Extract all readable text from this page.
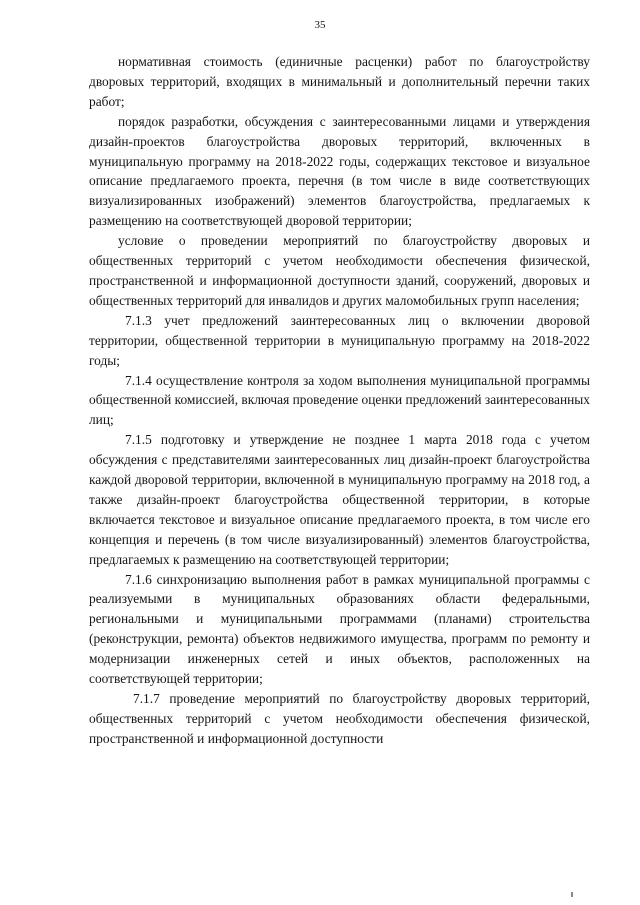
35

нормативная стоимость (единичные расценки) работ по благоустройству дворовых территорий, входящих в минимальный и дополнительный перечни таких работ;

порядок разработки, обсуждения с заинтересованными лицами и утверждения дизайн-проектов благоустройства дворовых территорий, включенных в муниципальную программу на 2018-2022 годы, содержащих текстовое и визуальное описание предлагаемого проекта, перечня (в том числе в виде соответствующих визуализированных изображений) элементов благоустройства, предлагаемых к размещению на соответствующей дворовой территории;

условие о проведении мероприятий по благоустройству дворовых и общественных территорий с учетом необходимости обеспечения физической, пространственной и информационной доступности зданий, сооружений, дворовых и общественных территорий для инвалидов и других маломобильных групп населения;

7.1.3 учет предложений заинтересованных лиц о включении дворовой территории, общественной территории в муниципальную программу на 2018-2022 годы;

7.1.4 осуществление контроля за ходом выполнения муниципальной программы общественной комиссией, включая проведение оценки предложений заинтересованных лиц;

7.1.5 подготовку и утверждение не позднее 1 марта 2018 года с учетом обсуждения с представителями заинтересованных лиц дизайн-проект благоустройства каждой дворовой территории, включенной в муниципальную программу на 2018 год, а также дизайн-проект благоустройства общественной территории, в которые включается текстовое и визуальное описание предлагаемого проекта, в том числе его концепция и перечень (в том числе визуализированный) элементов благоустройства, предлагаемых к размещению на соответствующей территории;

7.1.6 синхронизацию выполнения работ в рамках муниципальной программы с реализуемыми в муниципальных образованиях области федеральными, региональными и муниципальными программами (планами) строительства (реконструкции, ремонта) объектов недвижимого имущества, программ по ремонту и модернизации инженерных сетей и иных объектов, расположенных на соответствующей территории;

7.1.7 проведение мероприятий по благоустройству дворовых территорий, общественных территорий с учетом необходимости обеспечения физической, пространственной и информационной доступности
